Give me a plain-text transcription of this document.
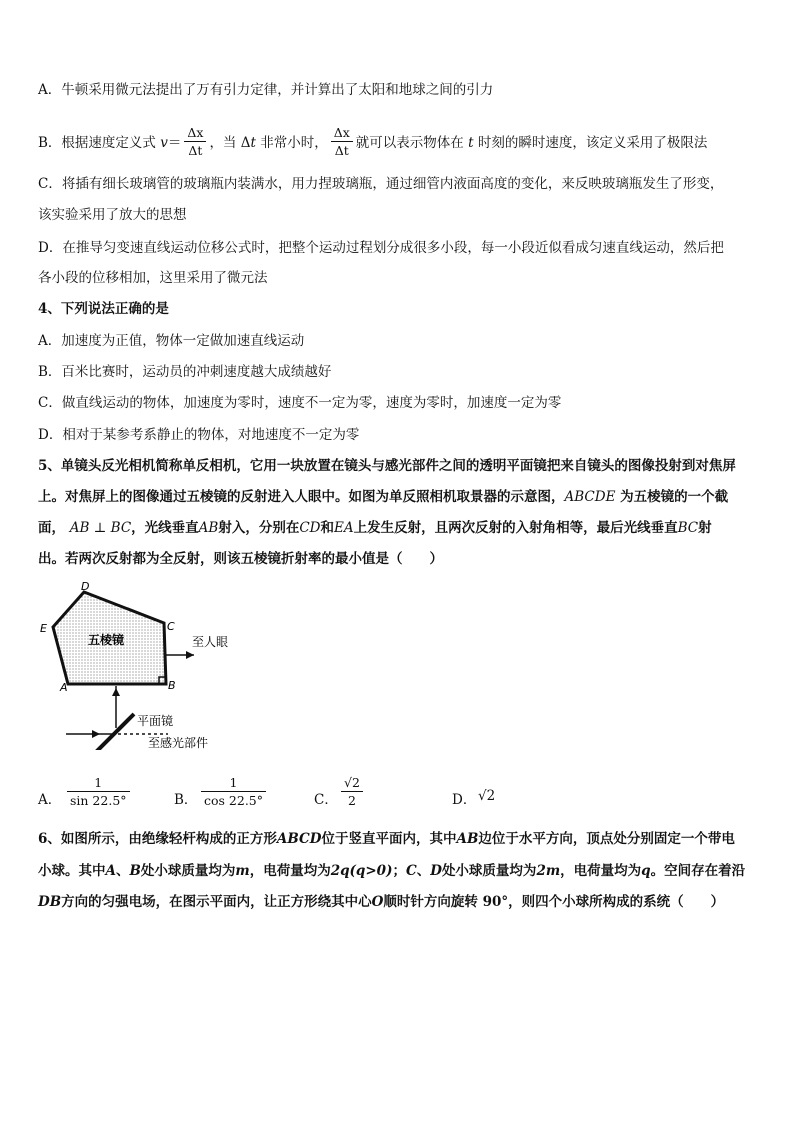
A．牛顿采用微元法提出了万有引力定律，并计算出了太阳和地球之间的引力
B．根据速度定义式 $v= \frac{\Delta x}{\Delta t}$ ，当 Δt 非常小时， $\frac{\Delta x}{\Delta t}$ 就可以表示物体在 t 时刻的瞬时速度，该定义采用了极限法
C．将插有细长玻璃管的玻璃瓶内装满水，用力捏玻璃瓶，通过细管内液面高度的变化，来反映玻璃瓶发生了形变，
该实验采用了放大的思想
D．在推导匀变速直线运动位移公式时，把整个运动过程划分成很多小段，每一小段近似看成匀速直线运动，然后把
各小段的位移相加，这里采用了微元法
4、下列说法正确的是
A．加速度为正值，物体一定做加速直线运动
B．百米比赛时，运动员的冲刺速度越大成绩越好
C．做直线运动的物体，加速度为零时，速度不一定为零，速度为零时，加速度一定为零
D．相对于某参考系静止的物体，对地速度不一定为零
5、单镜头反光相机简称单反相机，它用一块放置在镜头与感光部件之间的透明平面镜把来自镜头的图像投射到对焦屏
上。对焦屏上的图像通过五棱镜的反射进入人眼中。如图为单反照相机取景器的示意图，ABCDE 为五棱镜的一个截
面， AB ⊥ BC，光线垂直AB射入，分别在CD和EA上发生反射，且两次反射的入射角相等，最后光线垂直BC射
出。若两次反射都为全反射，则该五棱镜折射率的最小值是（　　）
D
C
E
A	B
五棱镜	至人眼
平面镜
至感光部件
A． $\frac{1}{\sin 22.5^\circ}$	B． $\frac{1}{\cos 22.5^\circ}$	C． $\frac{√2}{2}$	D． √2
6、如图所示，由绝缘轻杆构成的正方形ABCD位于竖直平面内，其中AB边位于水平方向，顶点处分别固定一个带电
小球。其中A、B处小球质量均为m，电荷量均为2q(q>0)；C、D处小球质量均为2m，电荷量均为q。空间存在着沿
DB方向的匀强电场，在图示平面内，让正方形绕其中心O顺时针方向旋转 90°，则四个小球所构成的系统（　　）
